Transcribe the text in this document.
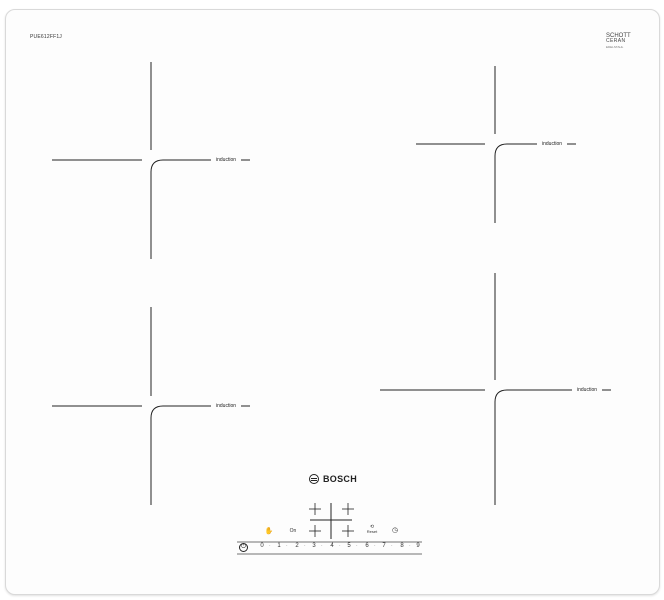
PUE612FF1J	SCHOTT
CERAN
EDELSTAHL
induction
induction
induction
induction
BOSCH
✋	On
⟲
Reset	◷
⏻	0	·	1	·	2	·	3	·	4	·	5	·	6	·	7	·	8	· 9
